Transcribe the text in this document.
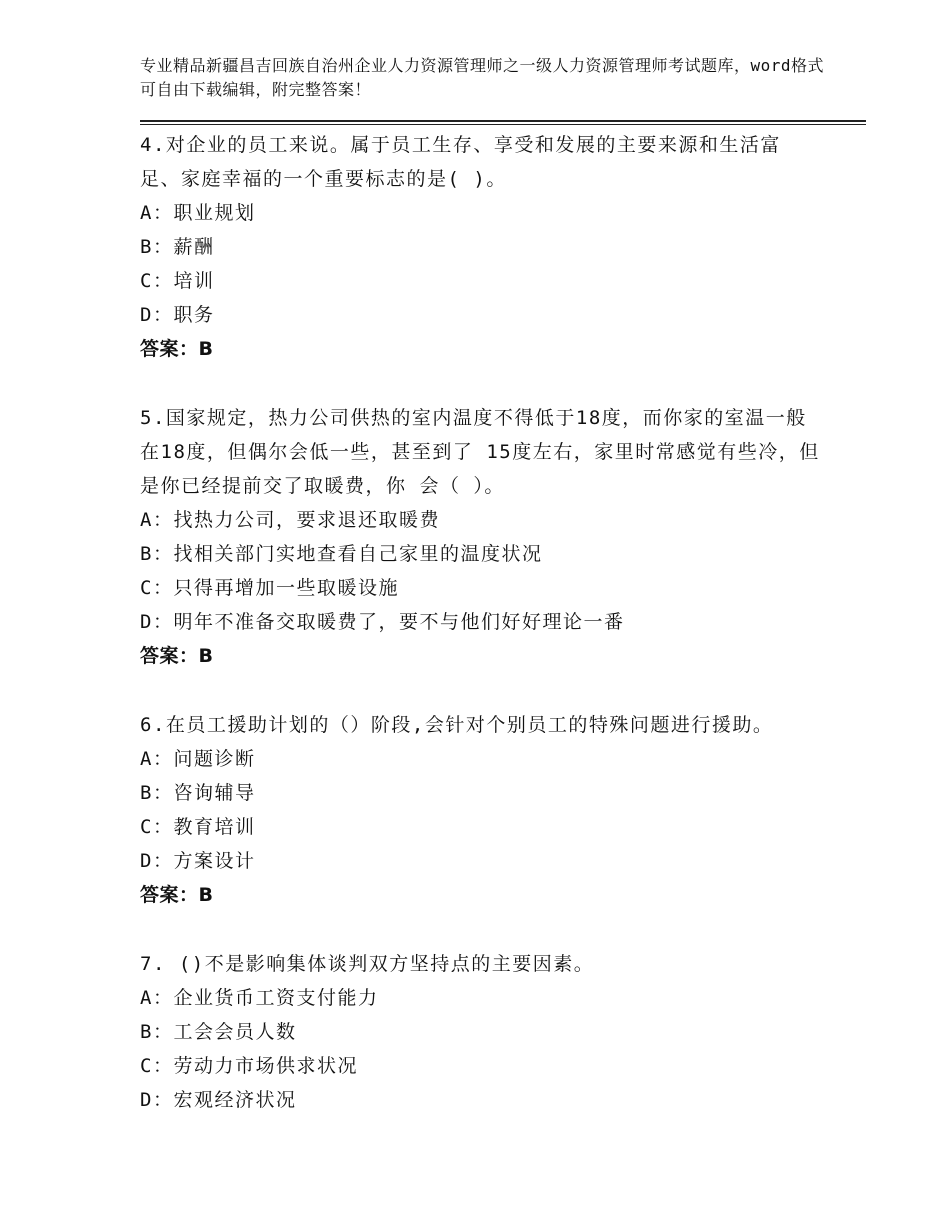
专业精品新疆昌吉回族自治州企业人力资源管理师之一级人力资源管理师考试题库，word格式可自由下载编辑，附完整答案！
4.对企业的员工来说。属于员工生存、享受和发展的主要来源和生活富足、家庭幸福的一个重要标志的是( )。
A：职业规划
B：薪酬
C：培训
D：职务
答案：B
5.国家规定，热力公司供热的室内温度不得低于18度，而你家的室温一般在18度，但偶尔会低一些，甚至到了 15度左右，家里时常感觉有些冷，但是你已经提前交了取暖费，你 会（ ）。
A：找热力公司，要求退还取暖费
B：找相关部门实地查看自己家里的温度状况
C：只得再增加一些取暖设施
D：明年不准备交取暖费了，要不与他们好好理论一番
答案：B
6.在员工援助计划的（）阶段,会针对个别员工的特殊问题进行援助。
A：问题诊断
B：咨询辅导
C：教育培训
D：方案设计
答案：B
7. ()不是影响集体谈判双方坚持点的主要因素。
A：企业货币工资支付能力
B：工会会员人数
C：劳动力市场供求状况
D：宏观经济状况
